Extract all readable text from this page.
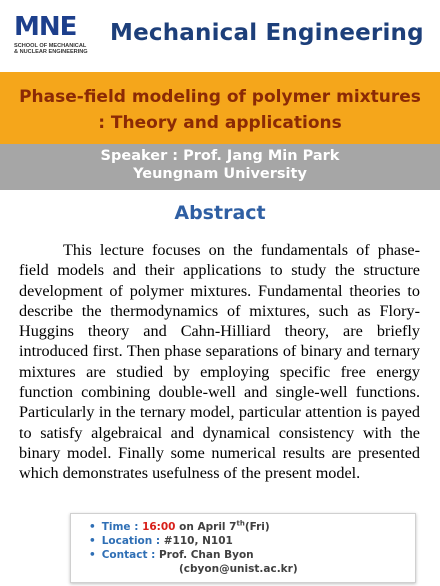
MNE
SCHOOL OF MECHANICAL
& NUCLEAR ENGINEERING
Mechanical Engineering
Phase-field modeling of polymer mixtures
: Theory and applications
Speaker : Prof. Jang Min Park
Yeungnam University
Abstract

This lecture focuses on the fundamentals of phase-field models and their applications to study the structure development of polymer mixtures. Fundamental theories to describe the thermodynamics of mixtures, such as Flory-Huggins theory and Cahn-Hilliard theory, are briefly introduced first. Then phase separations of binary and ternary mixtures are studied by employing specific free energy function combining double-well and single-well functions. Particularly in the ternary model, particular attention is payed to satisfy algebraical and dynamical consistency with the binary model. Finally some numerical results are presented which demonstrates usefulness of the present model.

• Time : 16:00 on April 7th(Fri)
• Location : #110, N101
• Contact : Prof. Chan Byon
(cbyon@unist.ac.kr)
